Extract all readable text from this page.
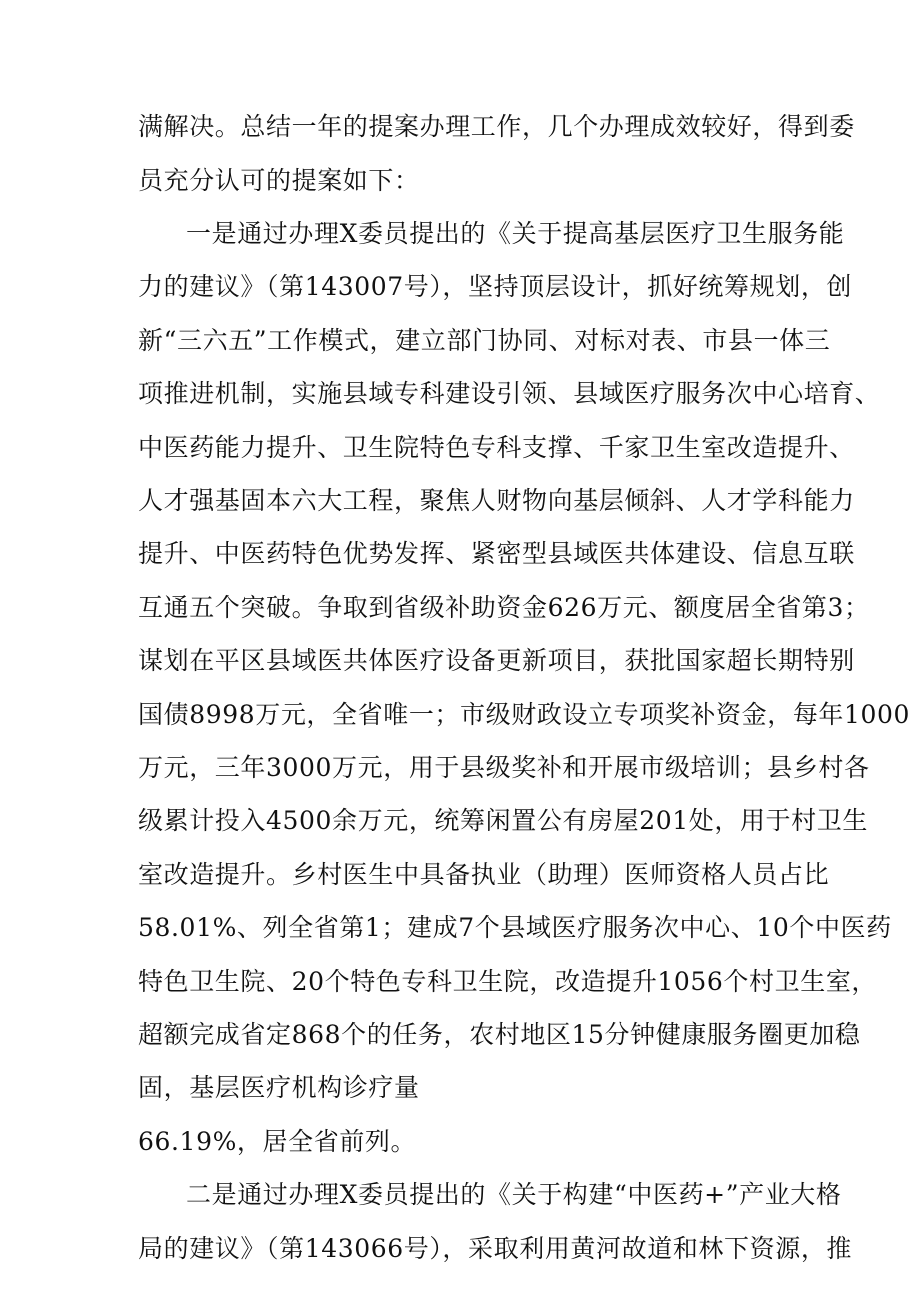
满解决。总结一年的提案办理工作，几个办理成效较好，得到委
员充分认可的提案如下：
一是通过办理X委员提出的《关于提高基层医疗卫生服务能
力的建议》（第143007号），坚持顶层设计，抓好统筹规划，创
新“三六五”工作模式，建立部门协同、对标对表、市县一体三
项推进机制，实施县域专科建设引领、县域医疗服务次中心培育、
中医药能力提升、卫生院特色专科支撑、千家卫生室改造提升、
人才强基固本六大工程，聚焦人财物向基层倾斜、人才学科能力
提升、中医药特色优势发挥、紧密型县域医共体建设、信息互联
互通五个突破。争取到省级补助资金626万元、额度居全省第3；
谋划在平区县域医共体医疗设备更新项目，获批国家超长期特别
国债8998万元，全省唯一；市级财政设立专项奖补资金，每年1000
万元，三年3000万元，用于县级奖补和开展市级培训；县乡村各
级累计投入4500余万元，统筹闲置公有房屋201处，用于村卫生
室改造提升。乡村医生中具备执业（助理）医师资格人员占比
58.01%、列全省第1；建成7个县域医疗服务次中心、10个中医药
特色卫生院、20个特色专科卫生院，改造提升1056个村卫生室，
超额完成省定868个的任务，农村地区15分钟健康服务圈更加稳
固，基层医疗机构诊疗量
66.19%，居全省前列。
二是通过办理X委员提出的《关于构建“中医药+”产业大格
局的建议》（第143066号），采取利用黄河故道和林下资源，推
